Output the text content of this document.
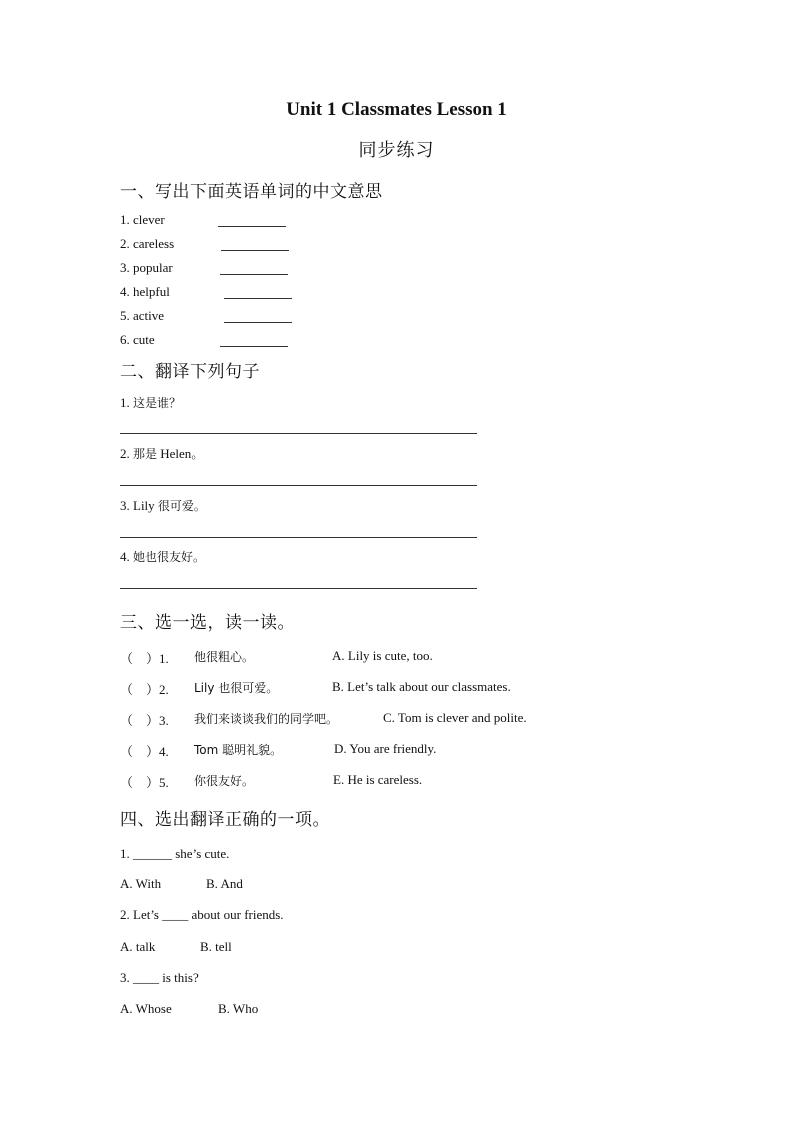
Unit 1 Classmates Lesson 1
同步练习
一、写出下面英语单词的中文意思
1. clever
2. careless
3. popular
4. helpful
5. active
6. cute
二、翻译下列句子
1. 这是谁？
2. 那是 Helen。
3. Lily 很可爱。
4. 她也很友好。
三、选一选，读一读。
（　）1. 他很粗心。	A. Lily is cute, too.
（　）2. Lily 也很可爱。	B. Let’s talk about our classmates.
（　）3. 我们来谈谈我们的同学吧。	C. Tom is clever and polite.
（　）4. Tom 聪明礼貌。	D. You are friendly.
（　）5. 你很友好。	E. He is careless.
四、选出翻译正确的一项。
1. ______ she’s cute.
A. With	B. And
2. Let’s ____ about our friends.
A. talk	B. tell
3. ____ is this?
A. Whose	B. Who
